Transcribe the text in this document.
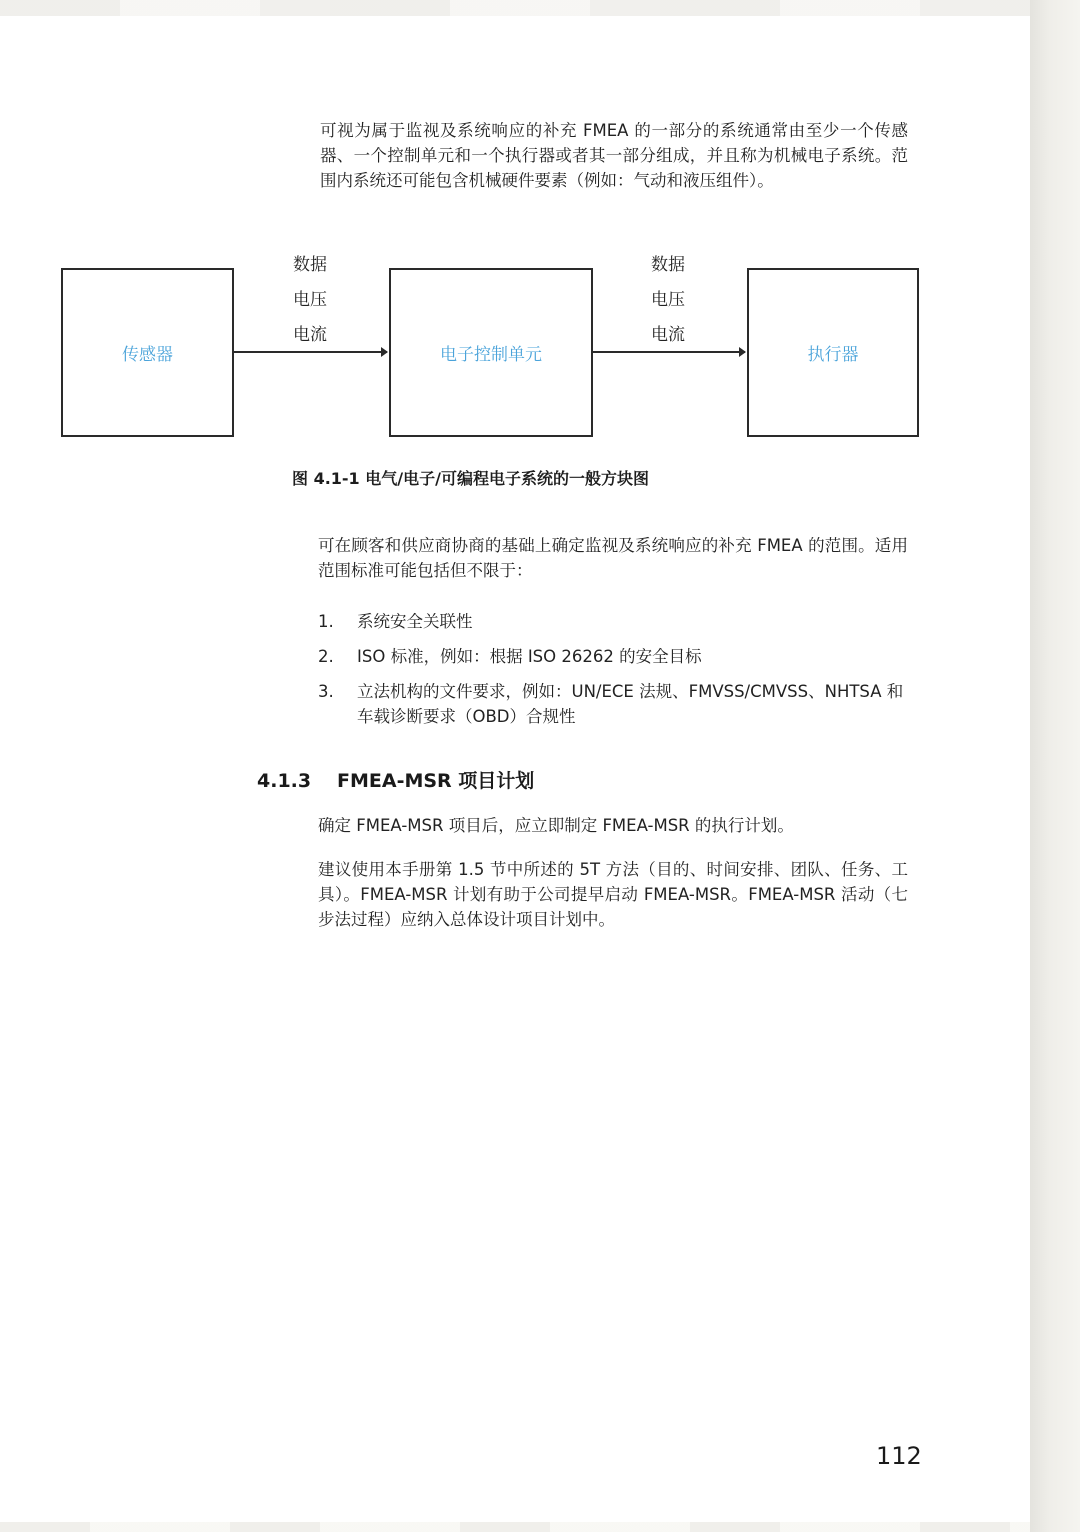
可视为属于监视及系统响应的补充 FMEA 的一部分的系统通常由至少一个传感器、一个控制单元和一个执行器或者其一部分组成，并且称为机械电子系统。范围内系统还可能包含机械硬件要素（例如：气动和液压组件）。

传感器
数据
电压
电流
电子控制单元
数据
电压
电流
执行器
图 4.1-1 电气/电子/可编程电子系统的一般方块图

可在顾客和供应商协商的基础上确定监视及系统响应的补充 FMEA 的范围。适用范围标准可能包括但不限于：

1. 系统安全关联性
2. ISO 标准，例如：根据 ISO 26262 的安全目标
3. 立法机构的文件要求，例如：UN/ECE 法规、FMVSS/CMVSS、NHTSA 和车载诊断要求（OBD）合规性
4.1.3 FMEA-MSR 项目计划

确定 FMEA-MSR 项目后，应立即制定 FMEA-MSR 的执行计划。

建议使用本手册第 1.5 节中所述的 5T 方法（目的、时间安排、团队、任务、工具）。FMEA-MSR 计划有助于公司提早启动 FMEA-MSR。FMEA-MSR 活动（七步法过程）应纳入总体设计项目计划中。

112
